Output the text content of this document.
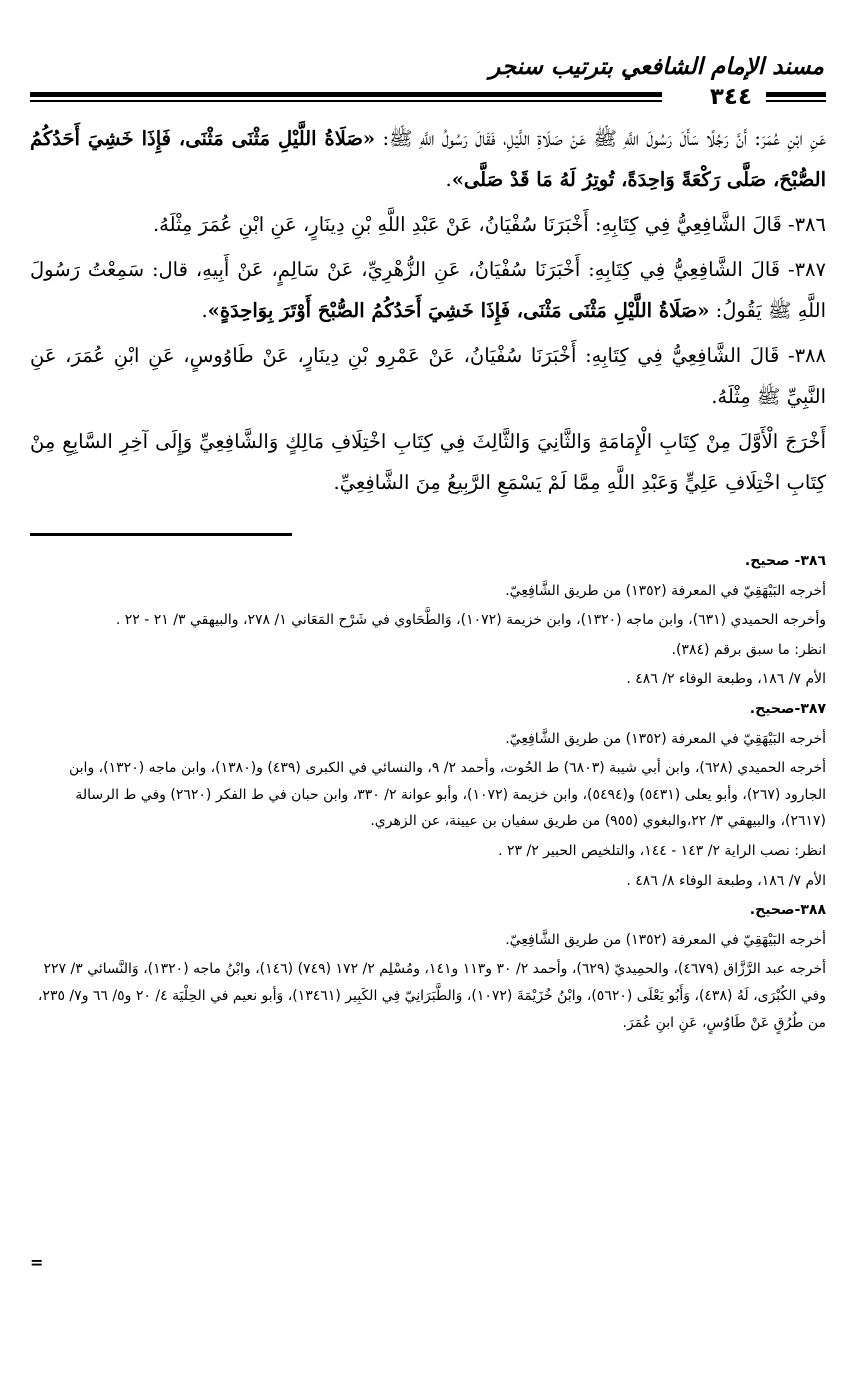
مسند الإمام الشافعي بترتيب سنجر
٣٤٤

عَنِ ابْنِ عُمَرَ: أَنَّ رَجُلًا سَأَلَ رَسُولَ اللَّهِ ﷺ عَنْ صَلَاةِ اللَّيْلِ، فَقَالَ رَسُولُ اللَّهِ ﷺ: «صَلَاةُ اللَّيْلِ مَثْنَى مَثْنَى، فَإِذَا خَشِيَ أَحَدُكُمُ الصُّبْحَ، صَلَّى رَكْعَةً وَاحِدَةً، تُوتِرُ لَهُ مَا قَدْ صَلَّى».

٣٨٦- قَالَ الشَّافِعِيُّ فِي كِتَابِهِ: أَخْبَرَنَا سُفْيَانُ، عَنْ عَبْدِ اللَّهِ بْنِ دِينَارٍ، عَنِ ابْنِ عُمَرَ مِثْلَهُ.

٣٨٧- قَالَ الشَّافِعِيُّ فِي كِتَابِهِ: أَخْبَرَنَا سُفْيَانُ، عَنِ الزُّهْرِيِّ، عَنْ سَالِمٍ، عَنْ أَبِيهِ، قال: سَمِعْتُ رَسُولَ اللَّهِ ﷺ يَقُولُ: «صَلَاةُ اللَّيْلِ مَثْنَى مَثْنَى، فَإِذَا خَشِيَ أَحَدُكُمُ الصُّبْحَ أَوْتَرَ بِوَاحِدَةٍ».

٣٨٨- قَالَ الشَّافِعِيُّ فِي كِتَابِهِ: أَخْبَرَنَا سُفْيَانُ، عَنْ عَمْرِو بْنِ دِينَارٍ، عَنْ طَاوُوسٍ، عَنِ ابْنِ عُمَرَ، عَنِ النَّبِيِّ ﷺ مِثْلَهُ.

أَخْرَجَ الْأَوَّلَ مِنْ كِتَابِ الْإِمَامَةِ وَالثَّانِيَ وَالثَّالِثَ فِي كِتَابِ اخْتِلَافِ مَالِكٍ وَالشَّافِعِيِّ وَإِلَى آخِرِ السَّابِعِ مِنْ كِتَابِ اخْتِلَافِ عَلِيٍّ وَعَبْدِ اللَّهِ مِمَّا لَمْ يَسْمَعِ الرَّبِيعُ مِنَ الشَّافِعِيِّ.

٣٨٦- صحيح.

أخرجه البَيْهَقِيّ في المعرفة (١٣٥٢) من طريق الشَّافِعِيّ.

وأخرجه الحميدي (٦٣١)، وابن ماجه (١٣٢٠)، وابن خزيمة (١٠٧٢)، وَالطَّحَاوي في شَرْح المَعَاني ١/ ٢٧٨، والبيهقي ٣/ ٢١ - ٢٢ .

انظر: ما سبق برقم (٣٨٤).

الأم ٧/ ١٨٦، وطبعة الوفاء ٢/ ٤٨٦ .

٣٨٧-صحيح.

أخرجه البَيْهَقِيّ في المعرفة (١٣٥٢) من طريق الشَّافِعِيّ.

أخرجه الحميدي (٦٢٨)، وابن أبي شيبة (٦٨٠٣) ط الحُوت، وأحمد ٢/ ٩، والنسائي في الكبرى (٤٣٩) و(١٣٨٠)، وابن ماجه (١٣٢٠)، وابن الجارود (٢٦٧)، وأبو يعلى (٥٤٣١) و(٥٤٩٤)، وابن خزيمة (١٠٧٢)، وأبو عوانة ٢/ ٣٣٠، وابن حبان في ط الفكر (٢٦٢٠) وفي ط الرسالة (٢٦١٧)، والبيهقي ٣/ ٢٢،والبغوي (٩٥٥) من طريق سفيان بن عيينة، عن الزهري.

انظر: نصب الراية ٢/ ١٤٣ - ١٤٤، والتلخيص الحبير ٢/ ٢٣ .

الأم ٧/ ١٨٦، وطبعة الوفاء ٨/ ٤٨٦ .

٣٨٨-صحيح.

أخرجه البَيْهَقِيّ في المعرفة (١٣٥٢) من طريق الشَّافِعِيّ.

أخرجه عبد الرَّزَّاق (٤٦٧٩)، والحمِيديّ (٦٢٩)، وأحمد ٢/ ٣٠ و١١٣ و١٤١، ومُسْلِم ٢/ ١٧٢ (٧٤٩) (١٤٦)، وابْنُ ماجه (١٣٢٠)، وَالنَّسائي ٣/ ٢٢٧ وفي الكُبْرَى، لَهُ (٤٣٨)، وَأَبُو يَعْلَى (٥٦٢٠)، وابْنُ خُزَيْمَةَ (١٠٧٢)، وَالطَّبَرَانِيّ فِي الكَبِير (١٣٤٦١)، وَأبو نعيم في الحِلْيَة ٤/ ٢٠ و٥/ ٦٦ و٧/ ٢٣٥، من طُرُقٍ عَنْ طَاوُسٍ، عَنِ ابنِ عُمَرَ.

=
